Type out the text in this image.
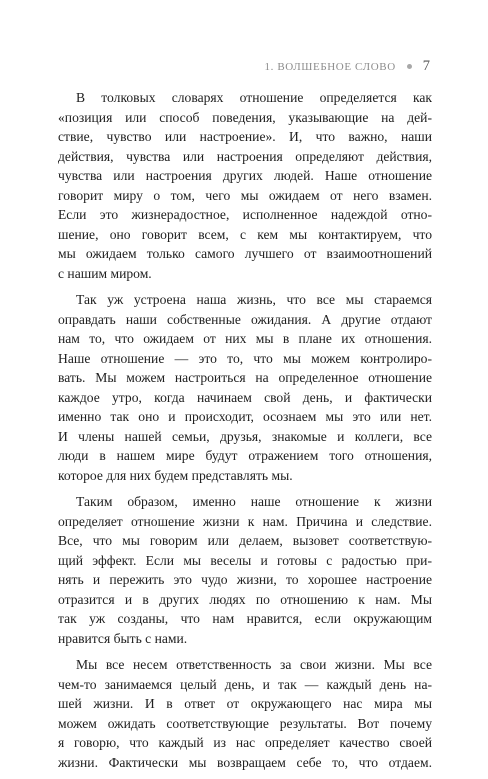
1. ВОЛШЕБНОЕ СЛОВО 7

В толковых словарях отношение определяется как
«позиция или способ поведения, указывающие на дей-
ствие, чувство или настроение». И, что важно, наши
действия, чувства или настроения определяют действия,
чувства или настроения других людей. Наше отношение
говорит миру о том, чего мы ожидаем от него взамен.
Если это жизнерадостное, исполненное надеждой отно-
шение, оно говорит всем, с кем мы контактируем, что
мы ожидаем только самого лучшего от взаимоотношений
с нашим миром.

Так уж устроена наша жизнь, что все мы стараемся
оправдать наши собственные ожидания. А другие отдают
нам то, что ожидаем от них мы в плане их отношения.
Наше отношение — это то, что мы можем контролиро-
вать. Мы можем настроиться на определенное отношение
каждое утро, когда начинаем свой день, и фактически
именно так оно и происходит, осознаем мы это или нет.
И члены нашей семьи, друзья, знакомые и коллеги, все
люди в нашем мире будут отражением того отношения,
которое для них будем представлять мы.

Таким образом, именно наше отношение к жизни
определяет отношение жизни к нам. Причина и следствие.
Все, что мы говорим или делаем, вызовет соответствую-
щий эффект. Если мы веселы и готовы с радостью при-
нять и пережить это чудо жизни, то хорошее настроение
отразится и в других людях по отношению к нам. Мы
так уж созданы, что нам нравится, если окружающим
нравится быть с нами.

Мы все несем ответственность за свои жизни. Мы все
чем-то занимаемся целый день, и так — каждый день на-
шей жизни. И в ответ от окружающего нас мира мы
можем ожидать соответствующие результаты. Вот почему
я говорю, что каждый из нас определяет качество своей
жизни. Фактически мы возвращаем себе то, что отдаем.
